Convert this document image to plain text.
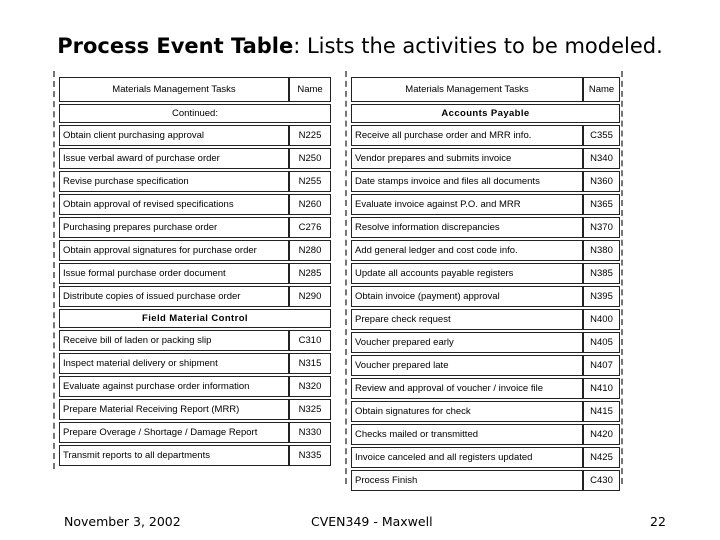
Process Event Table: Lists the activities to be modeled.
Materials Management Tasks	Name
Continued:	
Obtain client purchasing approval	N225
Issue verbal award of purchase order	N250
Revise purchase specification	N255
Obtain approval of revised specifications	N260
Purchasing prepares purchase order	C276
Obtain approval signatures for purchase order	N280
Issue formal purchase order document	N285
Distribute copies of issued purchase order	N290
Field Material Control	
Receive bill of laden or packing slip	C310
Inspect material delivery or shipment	N315
Evaluate against purchase order information	N320
Prepare Material Receiving Report (MRR)	N325
Prepare Overage / Shortage / Damage Report	N330
Transmit reports to all departments	N335
Materials Management Tasks	Name
Accounts Payable	
Receive all purchase order and MRR info.	C355
Vendor prepares and submits invoice	N340
Date stamps invoice and files all documents	N360
Evaluate invoice against P.O. and MRR	N365
Resolve information discrepancies	N370
Add general ledger and cost code info.	N380
Update all accounts payable registers	N385
Obtain invoice (payment) approval	N395
Prepare check request	N400
Voucher prepared early	N405
Voucher prepared late	N407
Review and approval of voucher / invoice file	N410
Obtain signatures for check	N415
Checks mailed or transmitted	N420
Invoice canceled and all registers updated	N425
Process Finish	C430
November 3, 2002	CVEN349 - Maxwell	22
